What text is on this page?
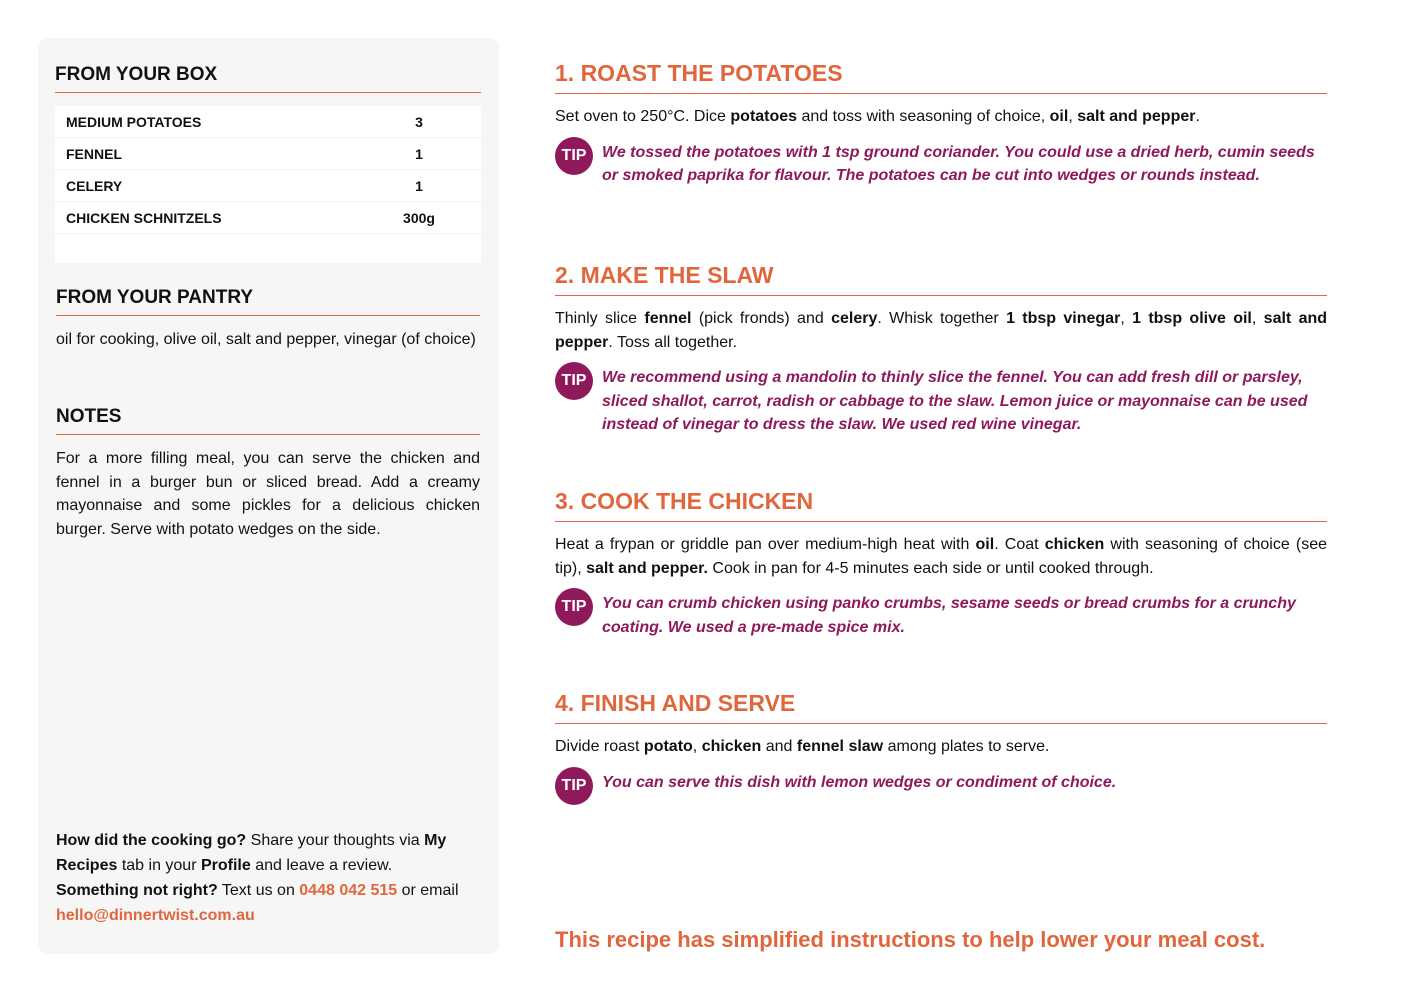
FROM YOUR BOX
MEDIUM POTATOES	3
FENNEL	1
CELERY	1
CHICKEN SCHNITZELS	300g
FROM YOUR PANTRY
oil for cooking, olive oil, salt and pepper, vinegar (of choice)
NOTES
For a more filling meal, you can serve the chicken and fennel in a burger bun or sliced bread. Add a creamy mayonnaise and some pickles for a delicious chicken burger. Serve with potato wedges on the side.
How did the cooking go? Share your thoughts via My Recipes tab in your Profile and leave a review.
Something not right? Text us on 0448 042 515 or email hello@dinnertwist.com.au
1. ROAST THE POTATOES
Set oven to 250°C. Dice potatoes and toss with seasoning of choice, oil, salt and pepper.
TIP We tossed the potatoes with 1 tsp ground coriander. You could use a dried herb, cumin seeds or smoked paprika for flavour. The potatoes can be cut into wedges or rounds instead.
2. MAKE THE SLAW
Thinly slice fennel (pick fronds) and celery. Whisk together 1 tbsp vinegar, 1 tbsp olive oil, salt and pepper. Toss all together.
TIP We recommend using a mandolin to thinly slice the fennel. You can add fresh dill or parsley, sliced shallot, carrot, radish or cabbage to the slaw. Lemon juice or mayonnaise can be used instead of vinegar to dress the slaw. We used red wine vinegar.
3. COOK THE CHICKEN
Heat a frypan or griddle pan over medium-high heat with oil. Coat chicken with seasoning of choice (see tip), salt and pepper. Cook in pan for 4-5 minutes each side or until cooked through.
TIP You can crumb chicken using panko crumbs, sesame seeds or bread crumbs for a crunchy coating. We used a pre-made spice mix.
4. FINISH AND SERVE
Divide roast potato, chicken and fennel slaw among plates to serve.
TIP You can serve this dish with lemon wedges or condiment of choice.
This recipe has simplified instructions to help lower your meal cost.
